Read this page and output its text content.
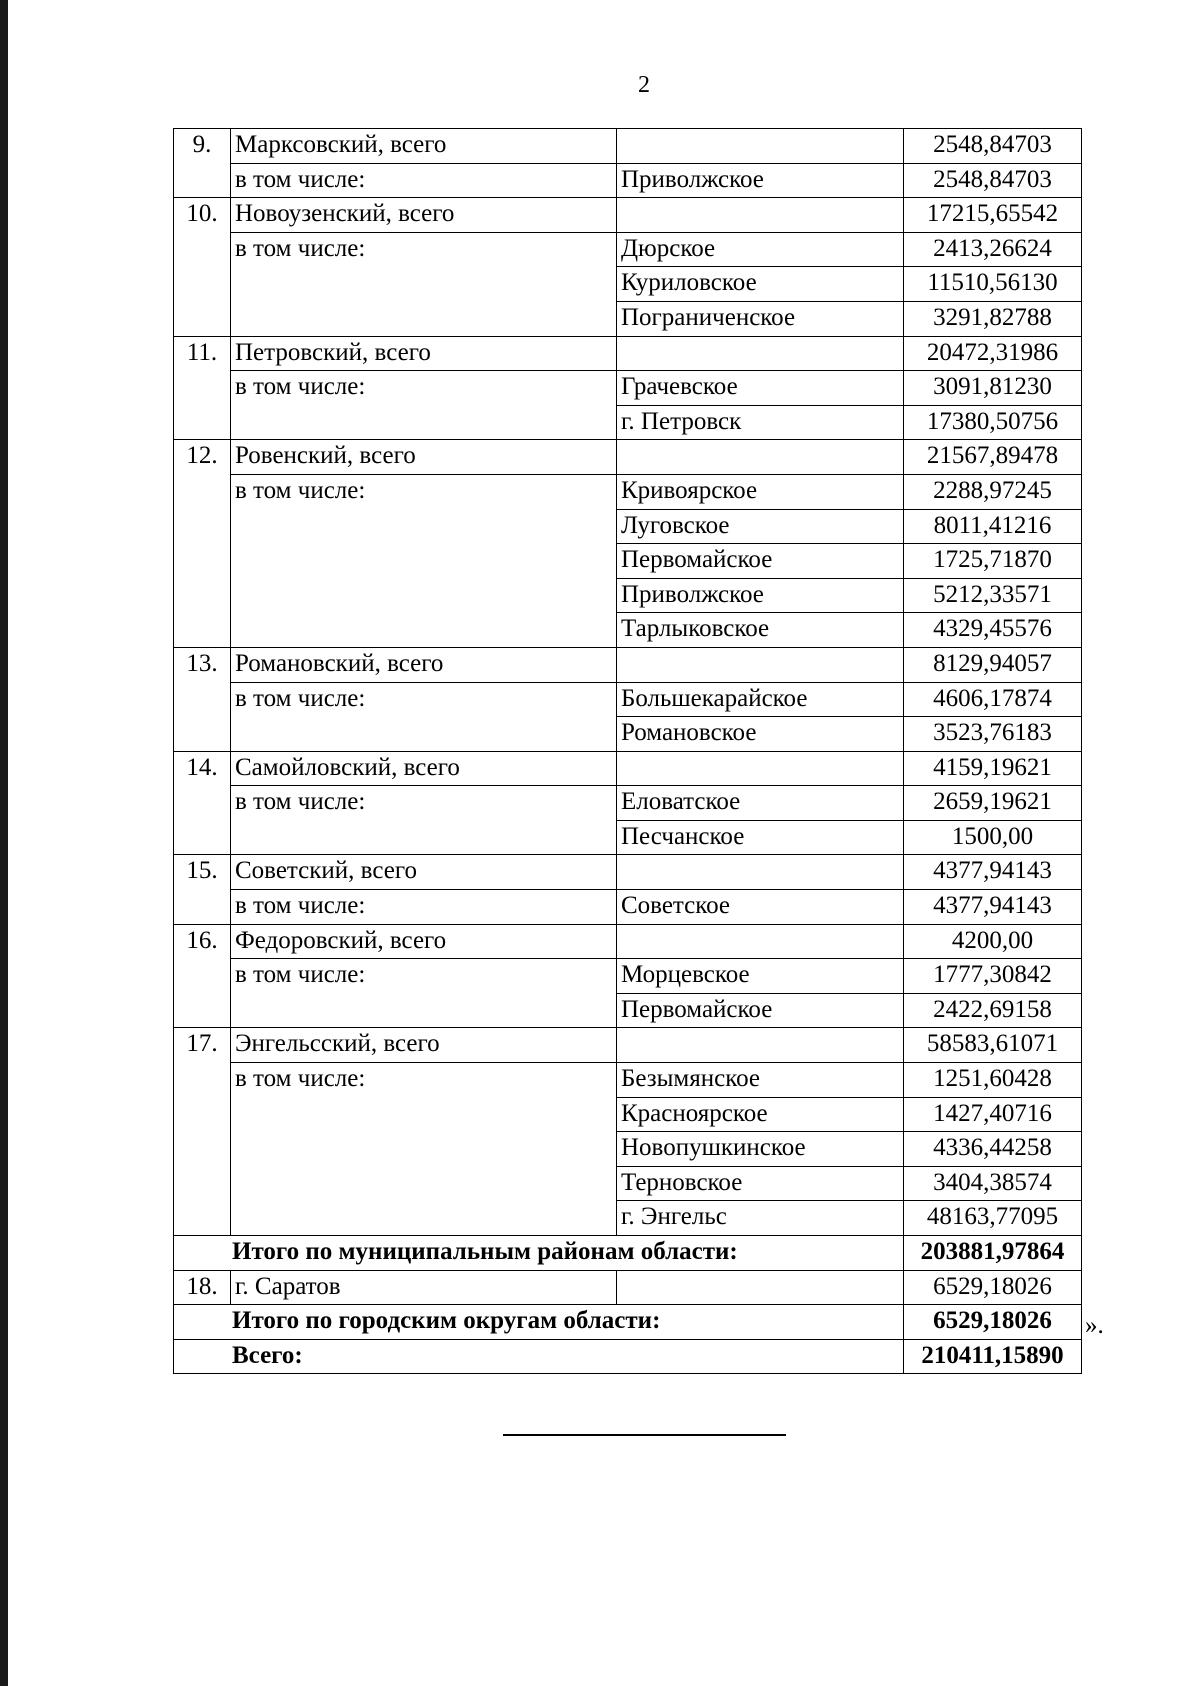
2
9.	Марксовский, всего		2548,84703
	в том числе:	Приволжское	2548,84703
10.	Новоузенский, всего		17215,65542
	в том числе:	Дюрское	2413,26624
		Куриловское	11510,56130
		Пограниченское	3291,82788
11.	Петровский, всего		20472,31986
	в том числе:	Грачевское	3091,81230
		г. Петровск	17380,50756
12.	Ровенский, всего		21567,89478
	в том числе:	Кривоярское	2288,97245
		Луговское	8011,41216
		Первомайское	1725,71870
		Приволжское	5212,33571
		Тарлыковское	4329,45576
13.	Романовский, всего		8129,94057
	в том числе:	Большекарайское	4606,17874
		Романовское	3523,76183
14.	Самойловский, всего		4159,19621
	в том числе:	Еловатское	2659,19621
		Песчанское	1500,00
15.	Советский, всего		4377,94143
	в том числе:	Советское	4377,94143
16.	Федоровский, всего		4200,00
	в том числе:	Морцевское	1777,30842
		Первомайское	2422,69158
17.	Энгельсский, всего		58583,61071
	в том числе:	Безымянское	1251,60428
		Красноярское	1427,40716
		Новопушкинское	4336,44258
		Терновское	3404,38574
		г. Энгельс	48163,77095
Итого по муниципальным районам области:			203881,97864
18.	г. Саратов		6529,18026
Итого по городским округам области:			6529,18026
Всего:			210411,15890
».
